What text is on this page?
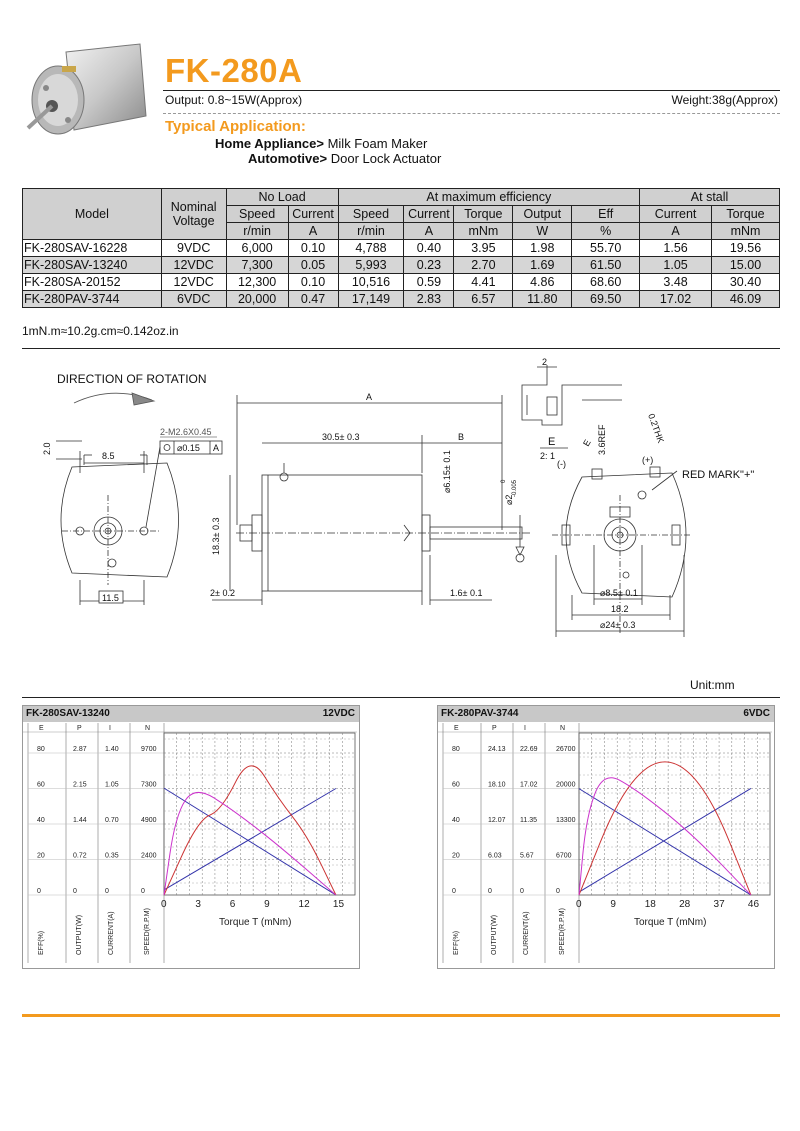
FK-280A
Output: 0.8~15W(Approx)	Weight:38g(Approx)
Typical Application:
Home Appliance> Milk Foam Maker
Automotive> Door Lock Actuator
Model	Nominal
Voltage	No Load		At maximum efficiency					At stall	
		Speed	Current	Speed	Current	Torque	Output	Eff	Current	Torque
		r/min	A	r/min	A	mNm	W	%	A	mNm
FK-280SAV-16228	9VDC	6,000	0.10	4,788	0.40	3.95	1.98	55.70	1.56	19.56
FK-280SAV-13240	12VDC	7,300	0.05	5,993	0.23	2.70	1.69	61.50	1.05	15.00
FK-280SA-20152	12VDC	12,300	0.10	10,516	0.59	4.41	4.86	68.60	3.48	30.40
FK-280PAV-3744	6VDC	20,000	0.47	17,149	2.83	6.57	11.80	69.50	17.02	46.09
1mN.m≈10.2g.cm≈0.142oz.in
DIRECTION OF ROTATION
8.5
2.0
11.5
2-M2.6X0.45
⌀0.15 A
A
30.5± 0.3	B
⌀6.15± 0.1
⌀2
0 -0.005
18.3± 0.3
2± 0.2	1.6± 0.1
2
E
2: 1
3.6REF	0.2THK
(-)	(+)
E
RED MARK"+"
⌀8.5± 0.1
18.2
⌀24± 0.3
Unit:mm
FK-280SAV-13240	12VDC
E	P	I	N
80	2.87	1.40	9700
60	2.15	1.05	7300
40	1.44	0.70	4900
20	0.72	0.35	2400
0	0	0	0
0	3	6	9	12 15
Torque T (mNm)
EFF(%)	OUTPUT(W)	CURRENT(A)	SPEED(R.P.M)
FK-280PAV-3744	6VDC
E	P	I	N
80	24.13 22.69	26700
60	18.10 17.02	20000
40	12.07 11.35	13300
20	6.03	5.67	6700
0	0	0	0
0	9	18 28 37 46
Torque T (mNm)
EFF(%)	OUTPUT(W)	CURRENT(A)	SPEED(R.P.M)
